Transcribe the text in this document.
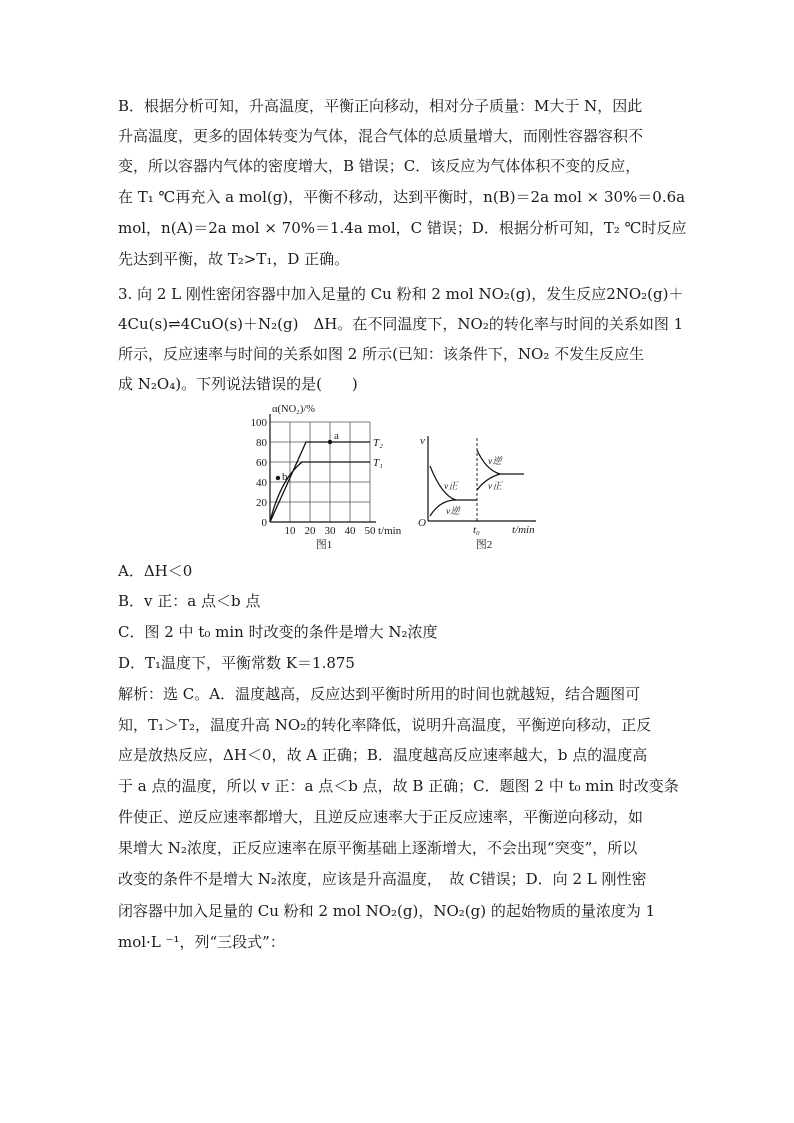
B．根据分析可知，升高温度，平衡正向移动，相对分子质量：M大于 N，因此
升高温度，更多的固体转变为气体，混合气体的总质量增大，而刚性容器容积不
变，所以容器内气体的密度增大，B 错误；C．该反应为气体体积不变的反应，
在 T₁ ℃再充入 a mol(g)，平衡不移动，达到平衡时，n(B)＝2a mol × 30%＝0.6a
mol，n(A)＝2a mol × 70%＝1.4a mol，C 错误；D．根据分析可知，T₂ ℃时反应
先达到平衡，故 T₂>T₁，D 正确。
3. 向 2 L 刚性密闭容器中加入足量的 Cu 粉和 2 mol NO₂(g)，发生反应2NO₂(g)＋
4Cu(s)⇌4CuO(s)＋N₂(g)　ΔH。在不同温度下，NO₂的转化率与时间的关系如图 1
所示，反应速率与时间的关系如图 2 所示(已知：该条件下，NO₂ 不发生反应生
成 N₂O₄)。下列说法错误的是(　　)
a
b
T₂
T₁
α(NO₂)/%
t/min
0
20
40
60
80
100
10 20 30 40 50
图1
v
O
t₀	t/min
v正
v逆
v逆
v正
图2
A．ΔH＜0
B．v 正：a 点＜b 点
C．图 2 中 t₀ min 时改变的条件是增大 N₂浓度
D．T₁温度下，平衡常数 K＝1.875
解析：选 C。A．温度越高，反应达到平衡时所用的时间也就越短，结合题图可
知，T₁＞T₂，温度升高 NO₂的转化率降低，说明升高温度，平衡逆向移动，正反
应是放热反应，ΔH＜0，故 A 正确；B．温度越高反应速率越大，b 点的温度高
于 a 点的温度，所以 v 正：a 点＜b 点，故 B 正确；C．题图 2 中 t₀ min 时改变条
件使正、逆反应速率都增大，且逆反应速率大于正反应速率，平衡逆向移动，如
果增大 N₂浓度，正反应速率在原平衡基础上逐渐增大，不会出现“突变”，所以
改变的条件不是增大 N₂浓度，应该是升高温度，　故 C错误；D．向 2 L 刚性密
闭容器中加入足量的 Cu 粉和 2 mol NO₂(g)，NO₂(g) 的起始物质的量浓度为 1
mol·L ⁻¹，列“三段式”：
